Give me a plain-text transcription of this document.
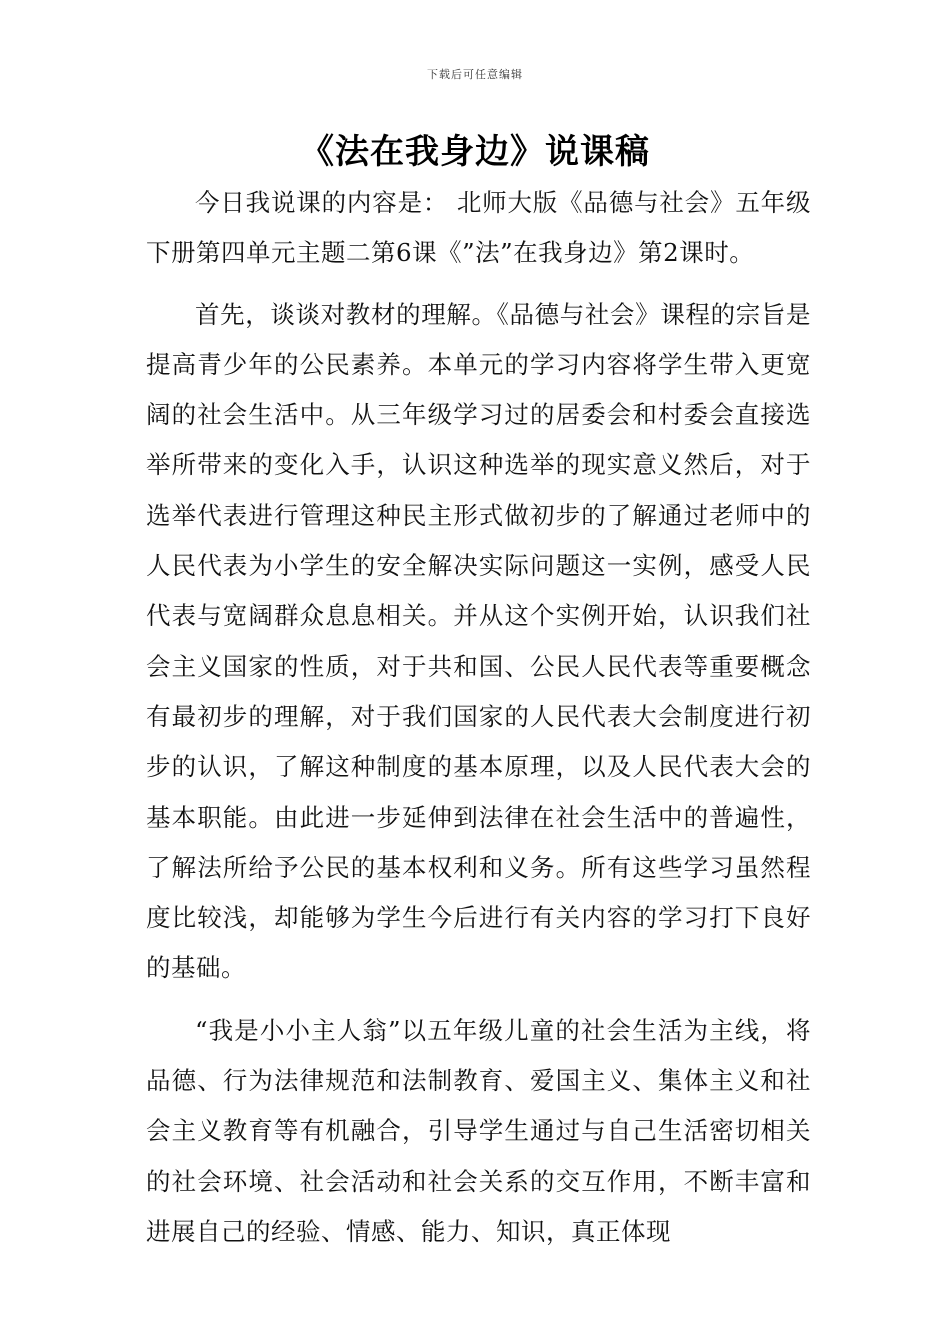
下载后可任意编辑
《法在我身边》说课稿

今日我说课的内容是： 北师大版《品德与社会》五年级下册第四单元主题二第6课《”法”在我身边》第2课时。

首先，谈谈对教材的理解。《品德与社会》课程的宗旨是提高青少年的公民素养。本单元的学习内容将学生带入更宽阔的社会生活中。从三年级学习过的居委会和村委会直接选举所带来的变化入手，认识这种选举的现实意义然后，对于选举代表进行管理这种民主形式做初步的了解通过老师中的人民代表为小学生的安全解决实际问题这一实例，感受人民代表与宽阔群众息息相关。并从这个实例开始，认识我们社会主义国家的性质，对于共和国、公民人民代表等重要概念有最初步的理解，对于我们国家的人民代表大会制度进行初步的认识，了解这种制度的基本原理，以及人民代表大会的基本职能。由此进一步延伸到法律在社会生活中的普遍性，了解法所给予公民的基本权利和义务。所有这些学习虽然程度比较浅，却能够为学生今后进行有关内容的学习打下良好的基础。

“我是小小主人翁”以五年级儿童的社会生活为主线，将品德、行为法律规范和法制教育、爱国主义、集体主义和社会主义教育等有机融合，引导学生通过与自己生活密切相关的社会环境、社会活动和社会关系的交互作用，不断丰富和进展自己的经验、情感、能力、知识，真正体现
